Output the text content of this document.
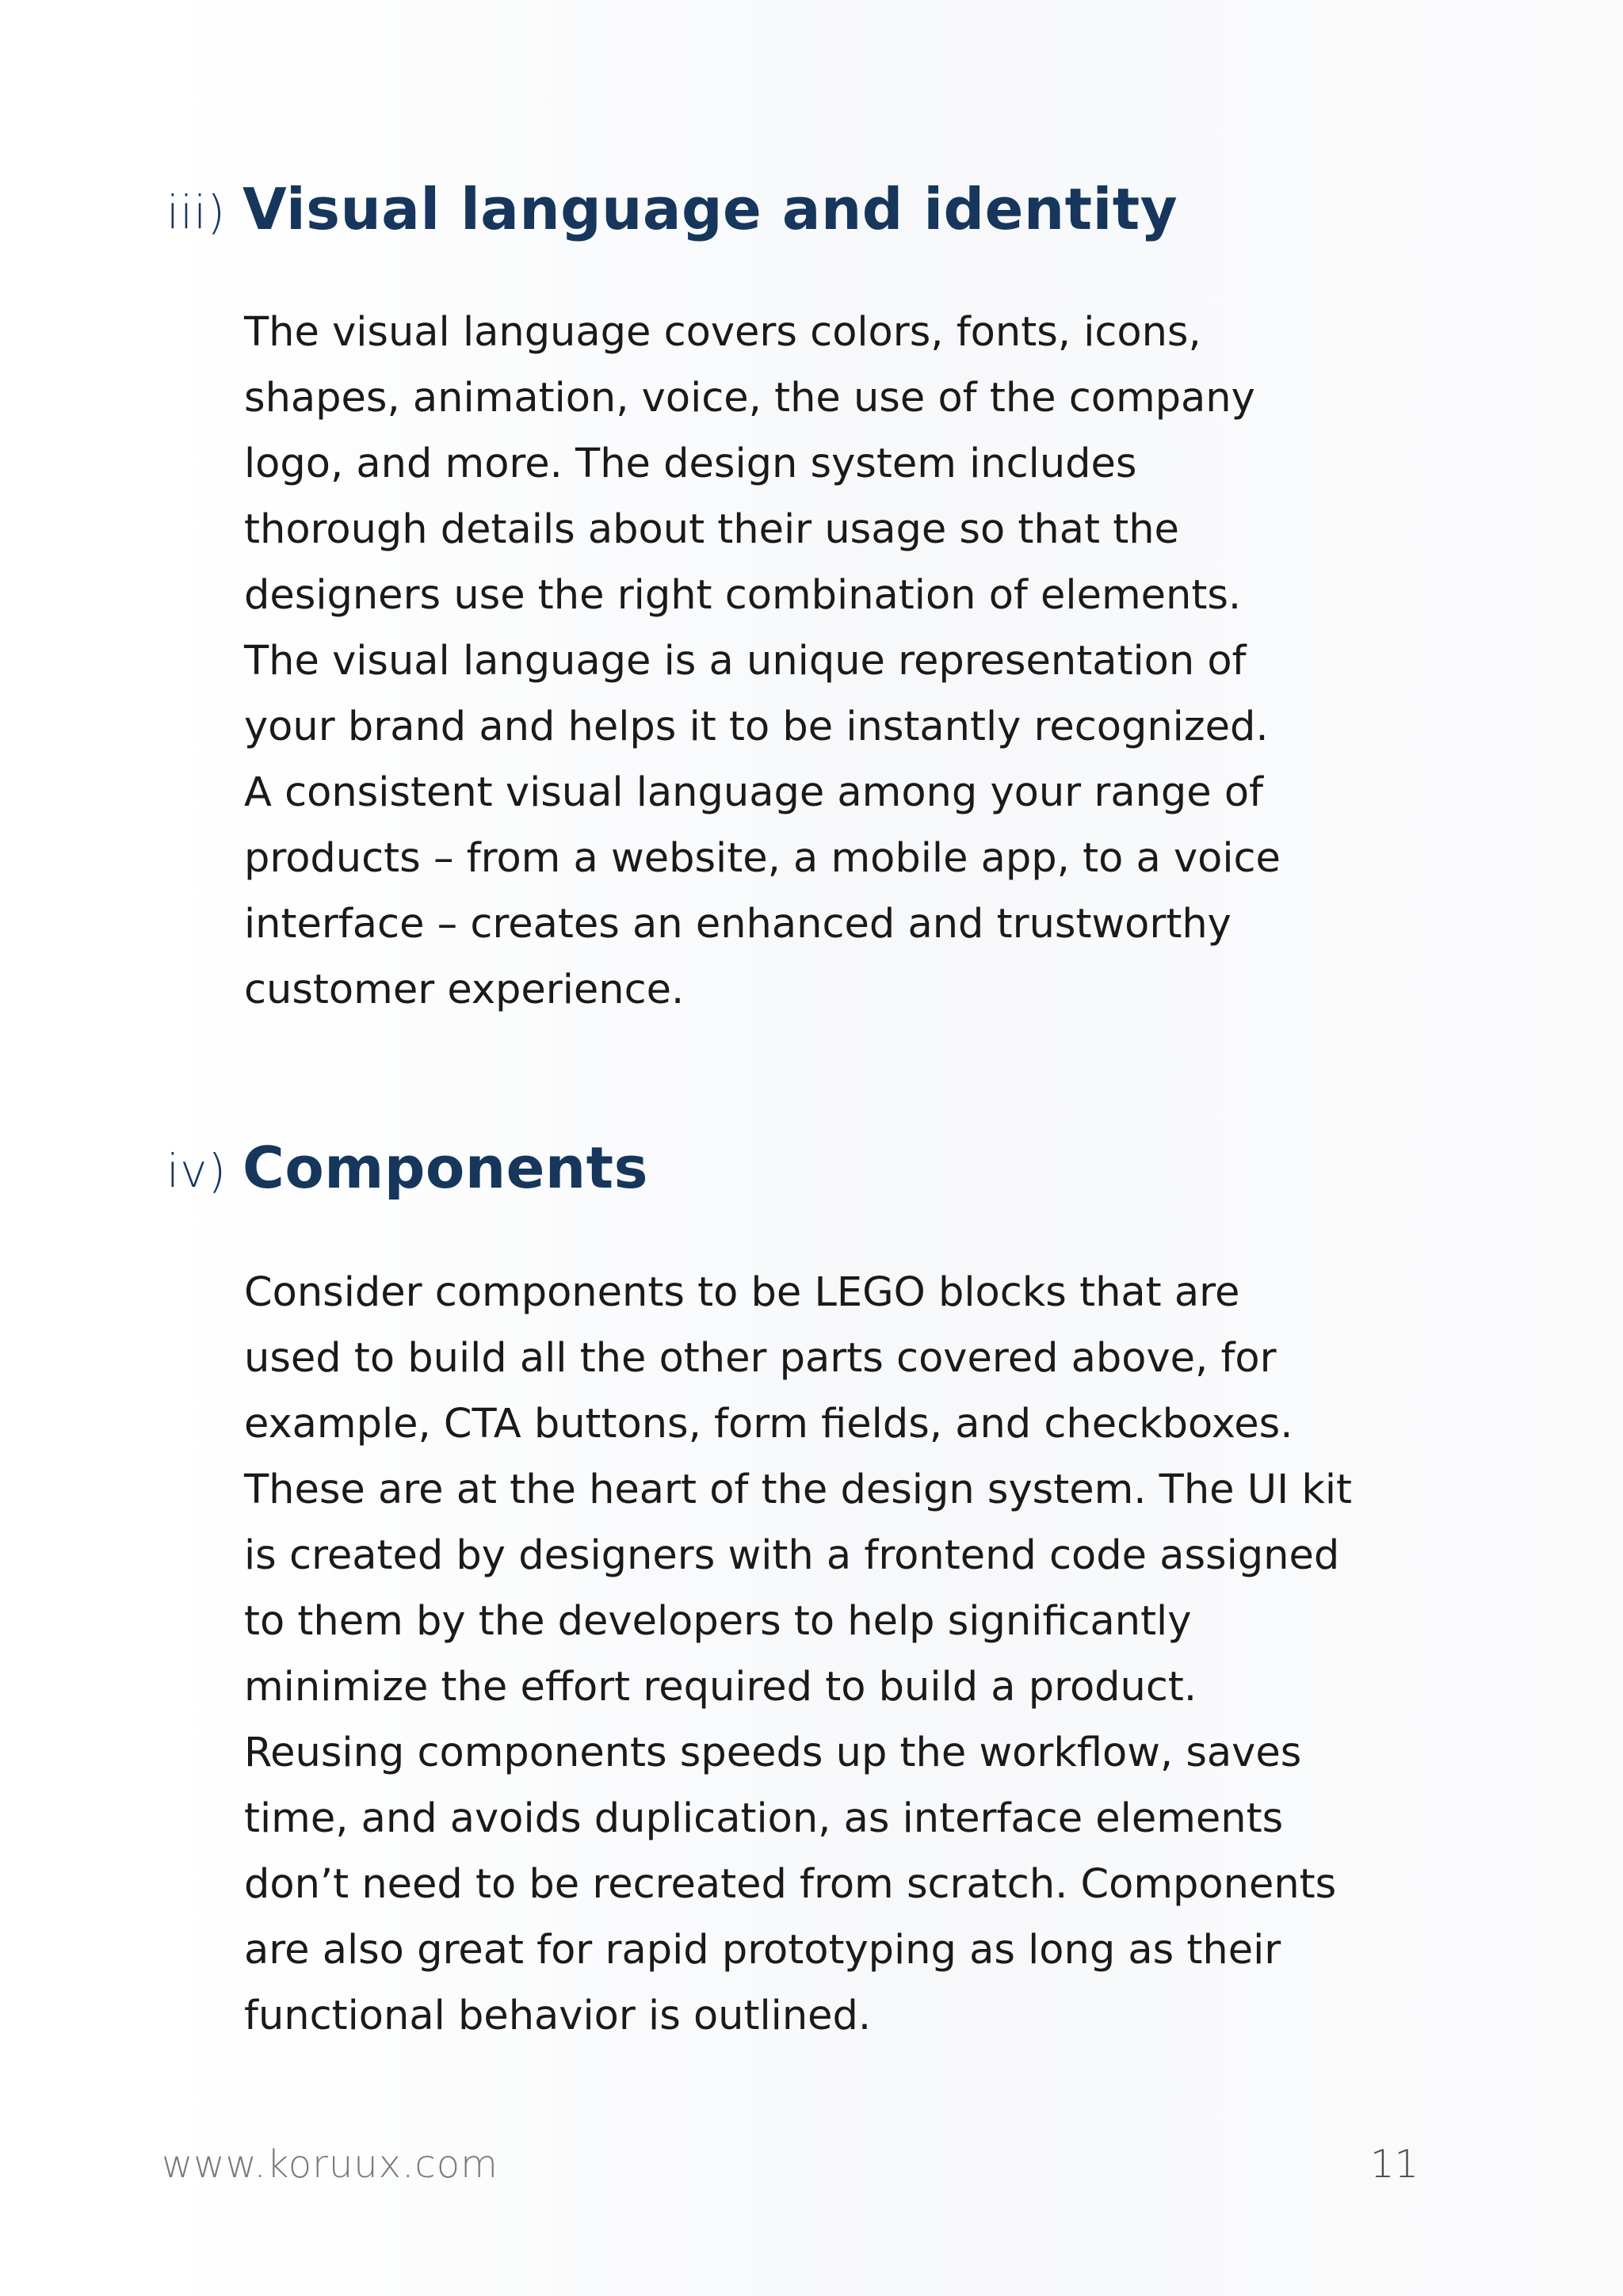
iii) Visual language and identity
The visual language covers colors, fonts, icons,
shapes, animation, voice, the use of the company
logo, and more. The design system includes
thorough details about their usage so that the
designers use the right combination of elements.
The visual language is a unique representation of
your brand and helps it to be instantly recognized.
A consistent visual language among your range of
products – from a website, a mobile app, to a voice
interface – creates an enhanced and trustworthy
customer experience.
iv) Components
Consider components to be LEGO blocks that are
used to build all the other parts covered above, for
example, CTA buttons, form fields, and checkboxes.
These are at the heart of the design system. The UI kit
is created by designers with a frontend code assigned
to them by the developers to help significantly
minimize the effort required to build a product.
Reusing components speeds up the workflow, saves
time, and avoids duplication, as interface elements
don’t need to be recreated from scratch. Components
are also great for rapid prototyping as long as their
functional behavior is outlined.
www.koruux.com	11
